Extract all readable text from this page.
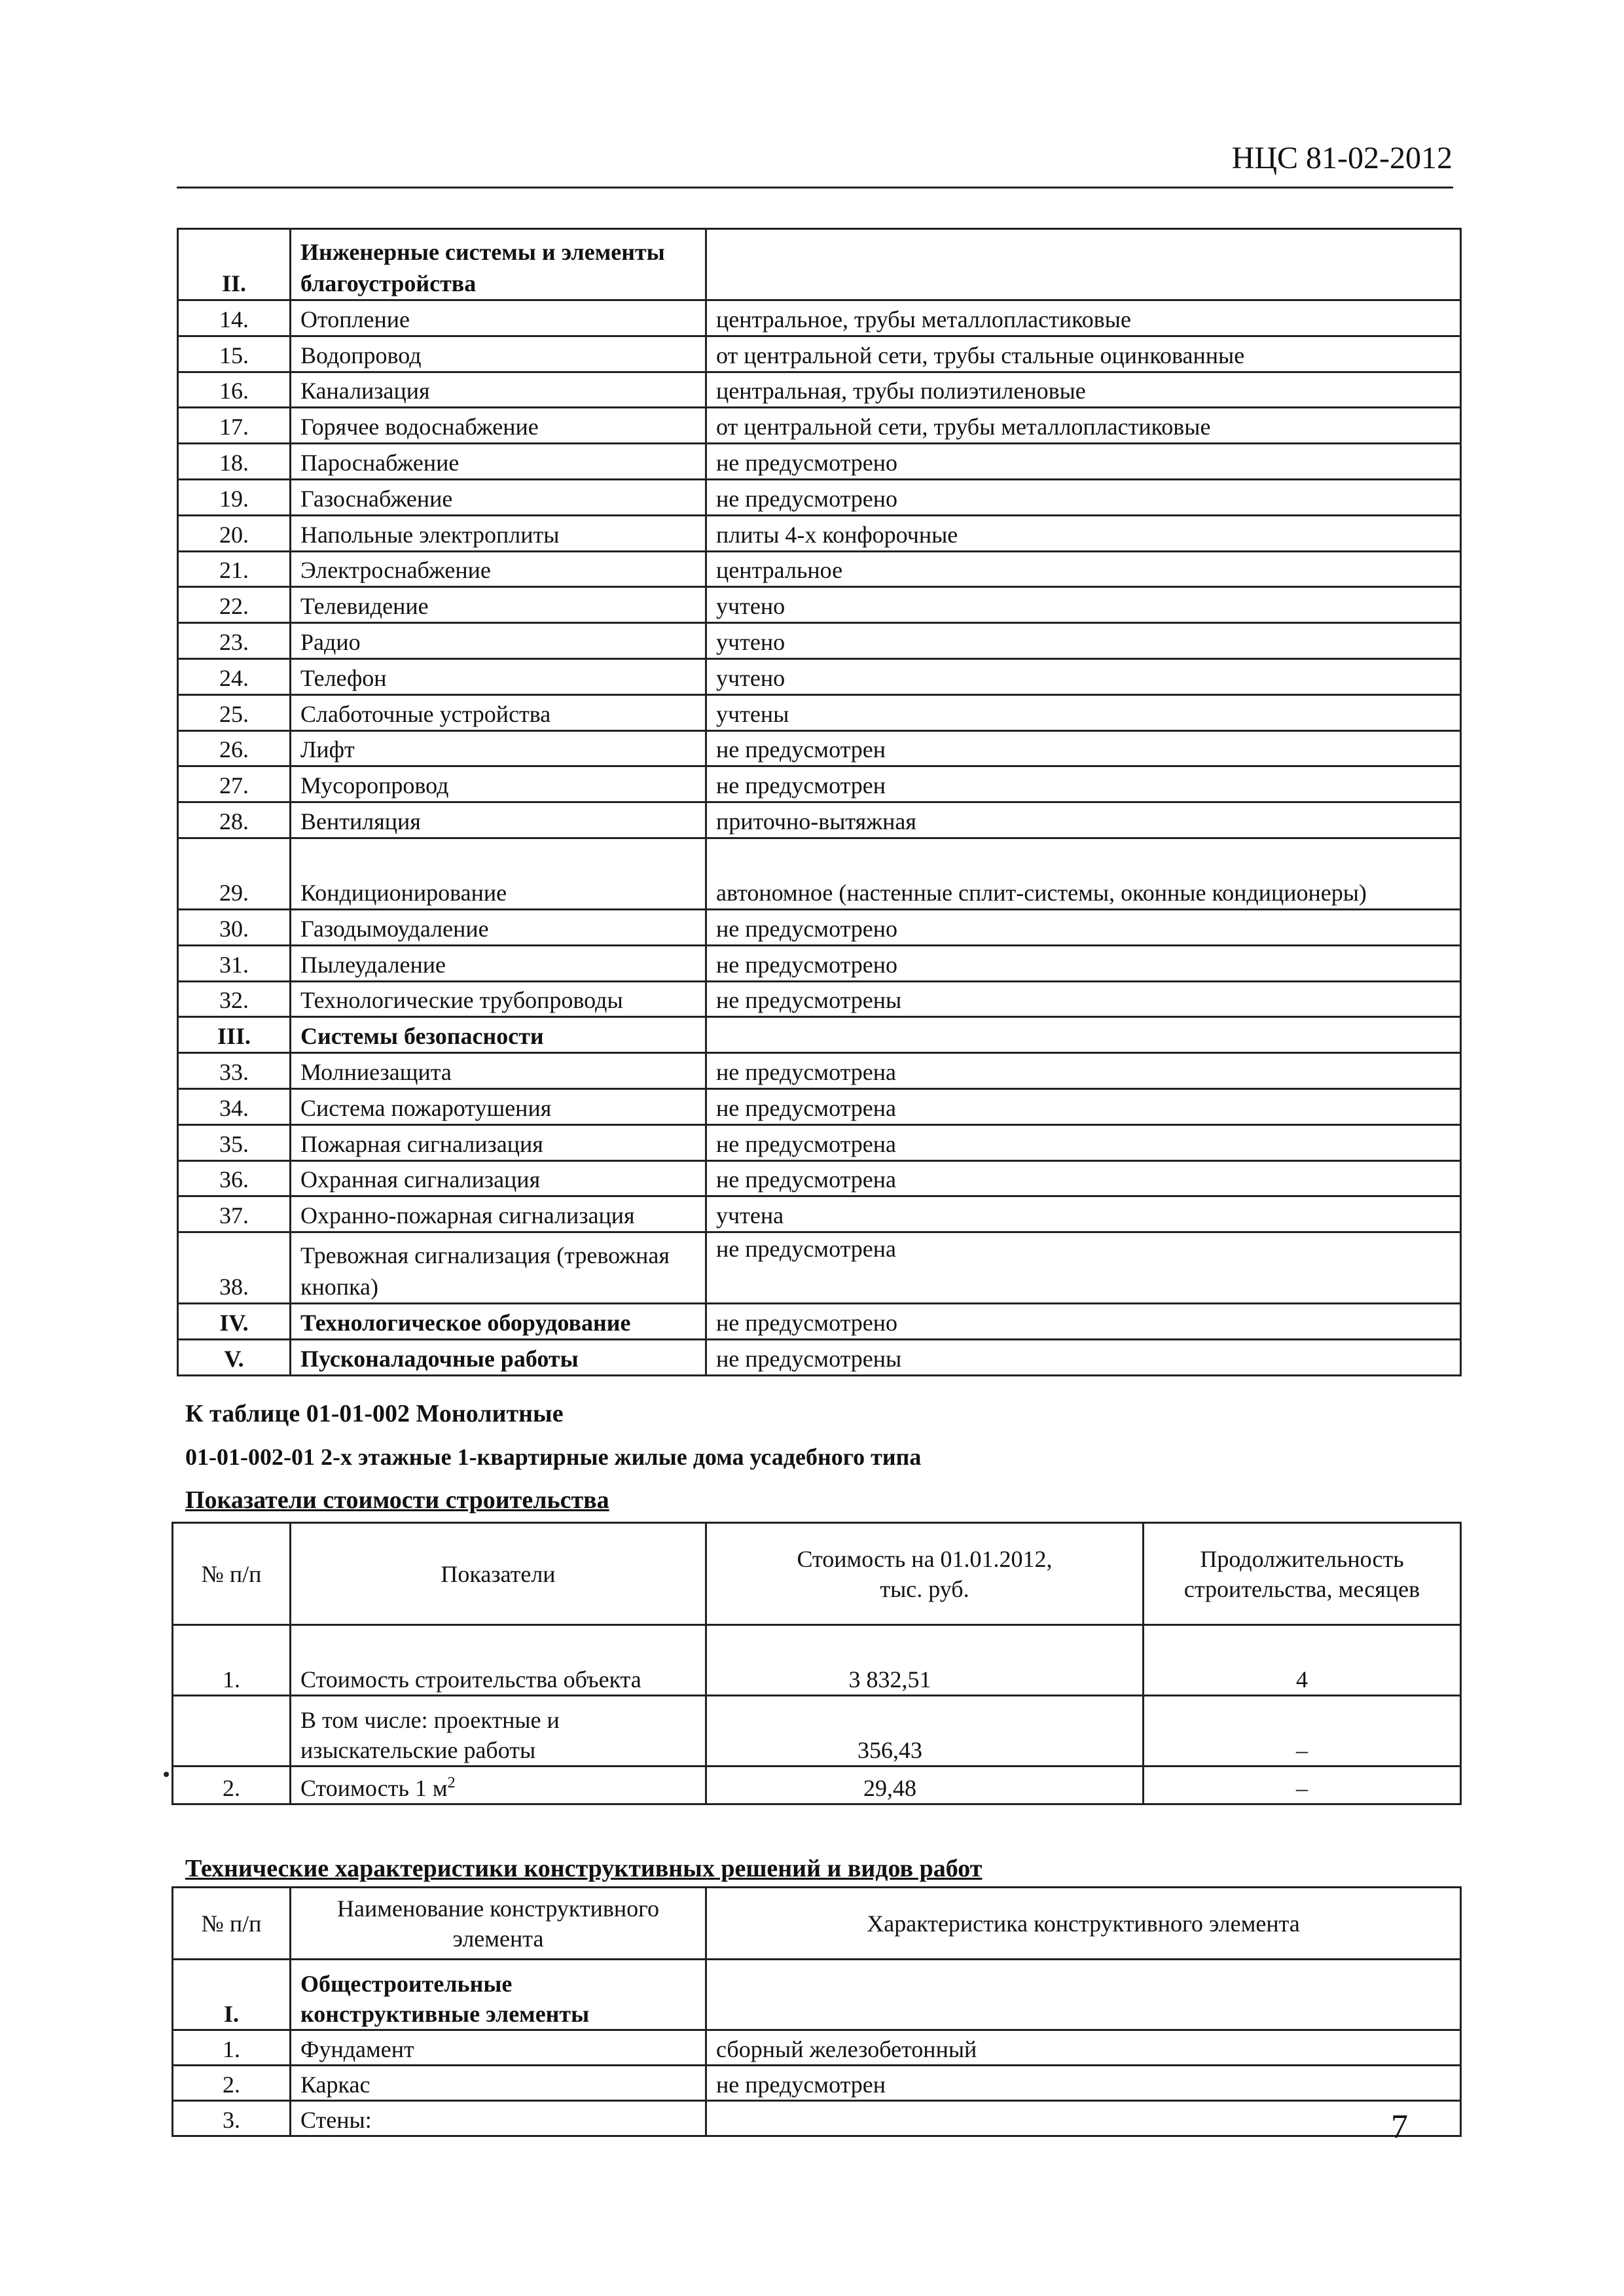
НЦС 81-02-2012
II.	Инженерные системы и элементы благоустройства	
14.	Отопление	центральное, трубы металлопластиковые
15.	Водопровод	от центральной сети, трубы стальные оцинкованные
16.	Канализация	центральная, трубы полиэтиленовые
17.	Горячее водоснабжение	от центральной сети, трубы металлопластиковые
18.	Пароснабжение	не предусмотрено
19.	Газоснабжение	не предусмотрено
20.	Напольные электроплиты	плиты 4-х конфорочные
21.	Электроснабжение	центральное
22.	Телевидение	учтено
23.	Радио	учтено
24.	Телефон	учтено
25.	Слаботочные устройства	учтены
26.	Лифт	не предусмотрен
27.	Мусоропровод	не предусмотрен
28.	Вентиляция	приточно-вытяжная
29.	Кондиционирование	автономное (настенные сплит-системы, оконные кондиционеры)
30.	Газодымоудаление	не предусмотрено
31.	Пылеудаление	не предусмотрено
32.	Технологические трубопроводы	не предусмотрены
III.	Системы безопасности	
33.	Молниезащита	не предусмотрена
34.	Система пожаротушения	не предусмотрена
35.	Пожарная сигнализация	не предусмотрена
36.	Охранная сигнализация	не предусмотрена
37.	Охранно-пожарная сигнализация	учтена
38.	Тревожная сигнализация (тревожная кнопка)	не предусмотрена
IV.	Технологическое оборудование	не предусмотрено
V.	Пусконаладочные работы	не предусмотрены
К таблице 01-01-002 Монолитные
01-01-002-01 2-х этажные 1-квартирные жилые дома усадебного типа
Показатели стоимости строительства
№ п/п	Показатели	Стоимость на 01.01.2012, тыс. руб.	Продолжительность строительства, месяцев
1.	Стоимость строительства объекта	3 832,51	4
	В том числе: проектные и изыскательские работы	356,43	–
2.	Стоимость 1 $м^2$	29,48	–
Технические характеристики конструктивных решений и видов работ
№ п/п	Наименование конструктивного элемента	Характеристика конструктивного элемента
I.	Общестроительные конструктивные элементы	
1.	Фундамент	сборный железобетонный
2.	Каркас	не предусмотрен
3.	Стены:		7
